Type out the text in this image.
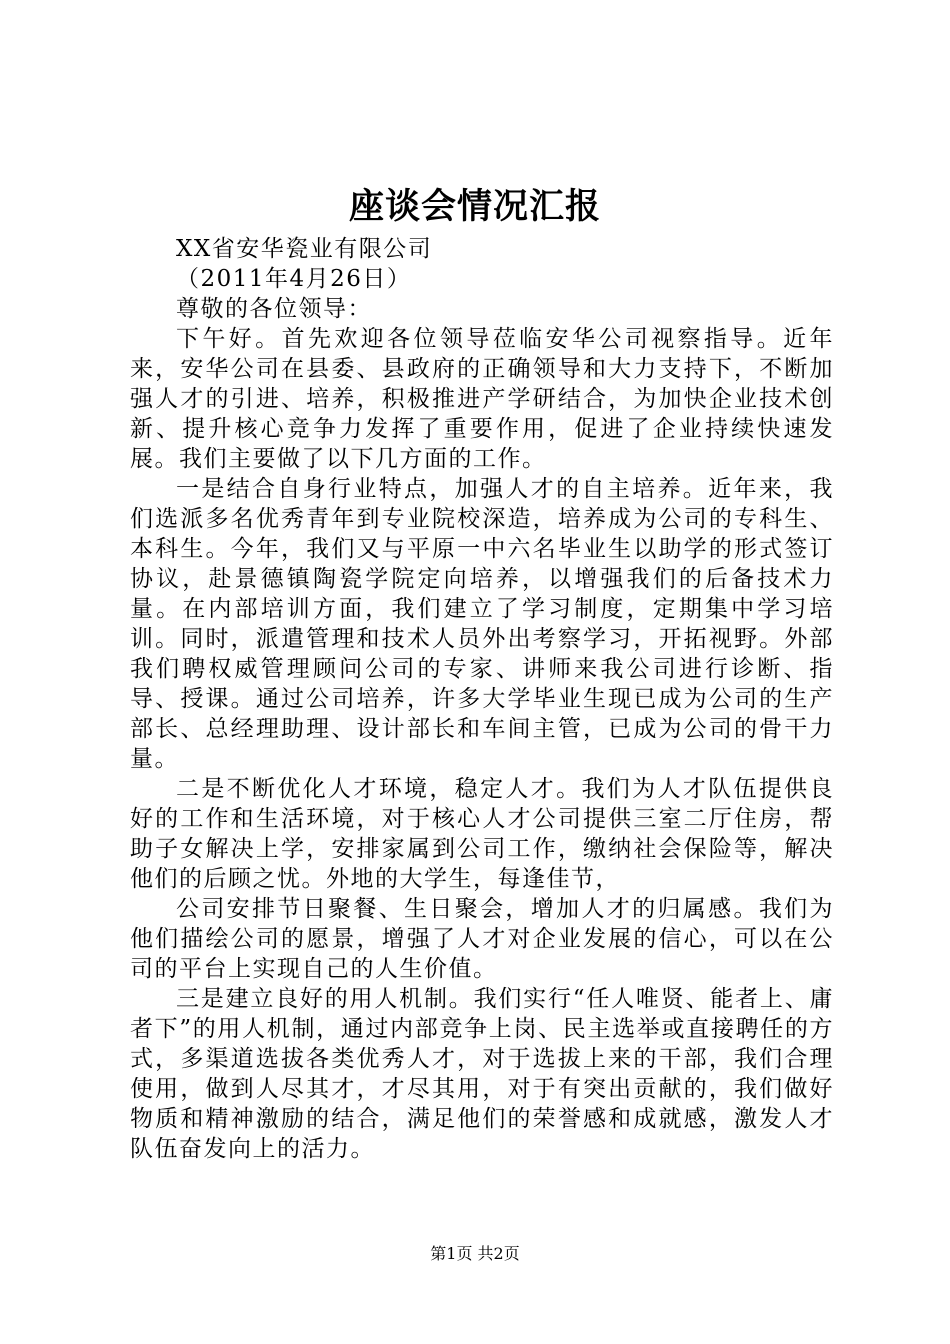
座谈会情况汇报

XX省安华瓷业有限公司

（2011年4月26日）

尊敬的各位领导：

下午好。首先欢迎各位领导莅临安华公司视察指导。近年来，安华公司在县委、县政府的正确领导和大力支持下，不断加强人才的引进、培养，积极推进产学研结合，为加快企业技术创新、提升核心竞争力发挥了重要作用，促进了企业持续快速发展。我们主要做了以下几方面的工作。

一是结合自身行业特点，加强人才的自主培养。近年来，我们选派多名优秀青年到专业院校深造，培养成为公司的专科生、本科生。今年，我们又与平原一中六名毕业生以助学的形式签订协议，赴景德镇陶瓷学院定向培养，以增强我们的后备技术力量。在内部培训方面，我们建立了学习制度，定期集中学习培训。同时，派遣管理和技术人员外出考察学习，开拓视野。外部我们聘权威管理顾问公司的专家、讲师来我公司进行诊断、指导、授课。通过公司培养，许多大学毕业生现已成为公司的生产部长、总经理助理、设计部长和车间主管，已成为公司的骨干力量。

二是不断优化人才环境，稳定人才。我们为人才队伍提供良好的工作和生活环境，对于核心人才公司提供三室二厅住房，帮助子女解决上学，安排家属到公司工作，缴纳社会保险等，解决他们的后顾之忧。外地的大学生，每逢佳节，

公司安排节日聚餐、生日聚会，增加人才的归属感。我们为他们描绘公司的愿景，增强了人才对企业发展的信心，可以在公司的平台上实现自己的人生价值。

三是建立良好的用人机制。我们实行“任人唯贤、能者上、庸者下”的用人机制，通过内部竞争上岗、民主选举或直接聘任的方式，多渠道选拔各类优秀人才，对于选拔上来的干部，我们合理使用，做到人尽其才，才尽其用，对于有突出贡献的，我们做好物质和精神激励的结合，满足他们的荣誉感和成就感，激发人才队伍奋发向上的活力。

第1页 共2页
